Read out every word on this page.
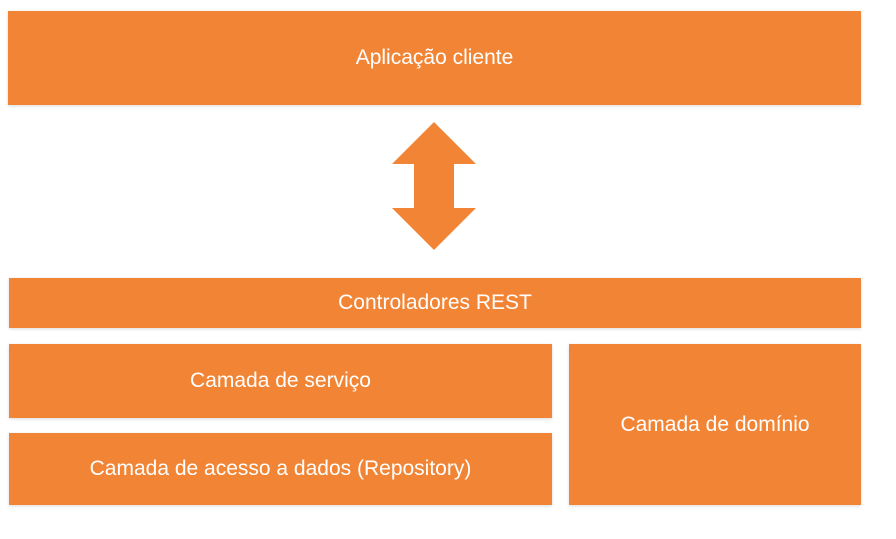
Aplicação cliente
Controladores REST
Camada de serviço
Camada de acesso a dados (Repository)
Camada de domínio
